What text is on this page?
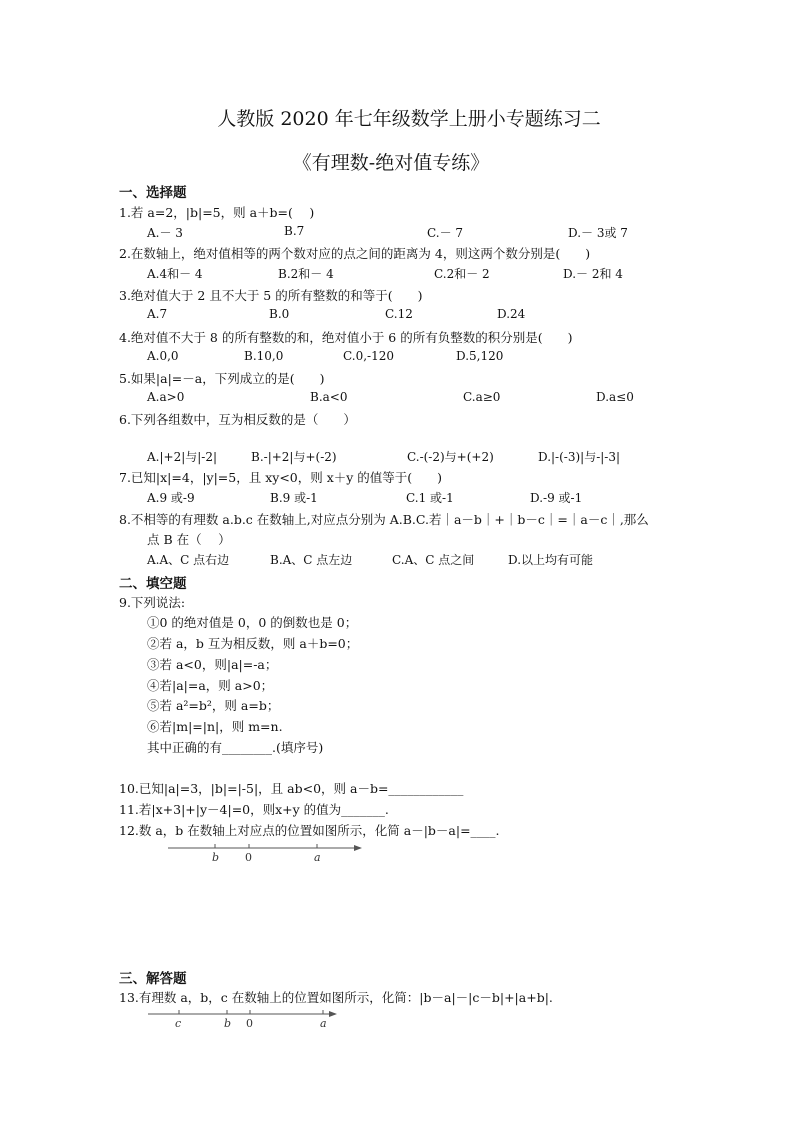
人教版 2020 年七年级数学上册小专题练习二
《有理数-绝对值专练》
一、选择题
1.若 a=2，|b|=5，则 a＋b=(　 )
A.－ 3	B.7	C.－ 7	D.－ 3或 7
2.在数轴上，绝对值相等的两个数对应的点之间的距离为 4，则这两个数分别是(　　)
A.4和－ 4	B.2和－ 4	C.2和－ 2	D.－ 2和 4
3.绝对值大于 2 且不大于 5 的所有整数的和等于(　　)
A.7	B.0	C.12	D.24
4.绝对值不大于 8 的所有整数的和，绝对值小于 6 的所有负整数的积分别是(　　)
A.0,0	B.10,0	C.0,-120	D.5,120
5.如果|a|=－a，下列成立的是(　　)
A.a>0	B.a<0	C.a≥0	D.a≤0
6.下列各组数中，互为相反数的是（　　）
A.|+2|与|-2|	B.-|+2|与+(-2)	C.-(-2)与+(+2)	D.|-(-3)|与-|-3|
7.已知|x|=4，|y|=5，且 xy<0，则 x＋y 的值等于(　　)
A.9 或-9	B.9 或-1	C.1 或-1	D.-9 或-1
8.不相等的有理数 a.b.c 在数轴上,对应点分别为 A.B.C.若｜a－b｜+｜b－c｜=｜a－c｜,那么
点 B 在（　 ）
A.A、C 点右边	B.A、C 点左边	C.A、C 点之间	D.以上均有可能
二、填空题
9.下列说法:
①0 的绝对值是 0，0 的倒数也是 0；
②若 a，b 互为相反数，则 a＋b=0；
③若 a<0，则|a|=-a；
④若|a|=a，则 a>0；
⑤若 a²=b²，则 a=b；
⑥若|m|=|n|，则 m=n.
其中正确的有________.(填序号)
10.已知|a|=3，|b|=|-5|，且 ab<0，则 a－b=____________
11.若|x+3|+|y－4|=0，则x+y 的值为_______.
12.数 a，b 在数轴上对应点的位置如图所示，化简 a－|b－a|=____.
b 0	a
三、解答题
13.有理数 a，b，c 在数轴上的位置如图所示，化简：|b－a|－|c－b|+|a+b|.
c	b 0	a
